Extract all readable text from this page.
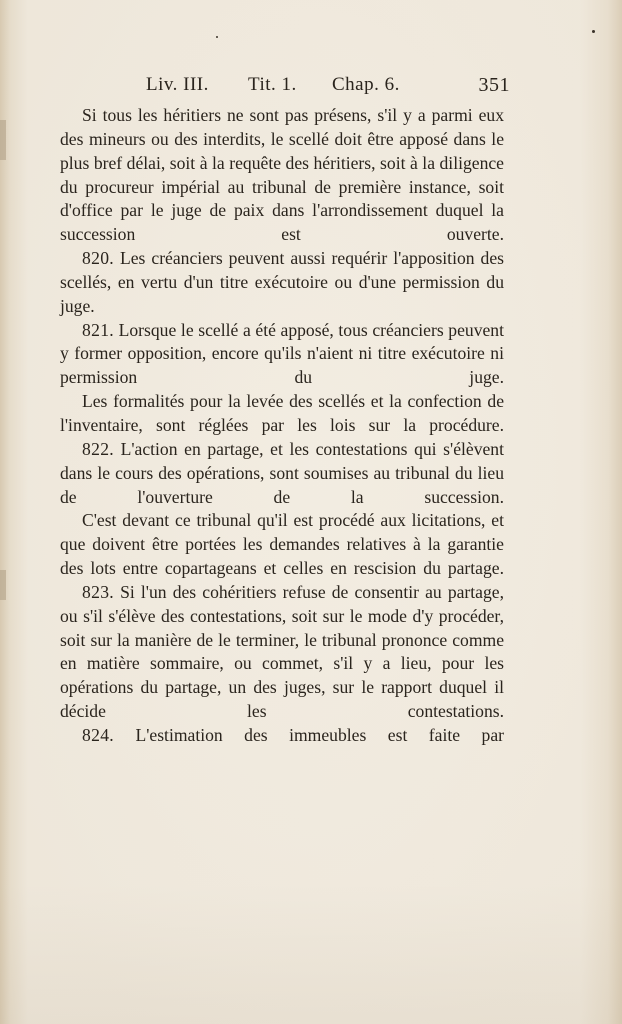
Liv. III. Tit. 1. Chap. 6.	351

Si tous les héritiers ne sont pas présens, s'il y a parmi eux des mineurs ou des interdits, le scellé doit être apposé dans le plus bref délai, soit à la requête des héritiers, soit à la diligence du procureur impérial au tribunal de première instance, soit d'office par le juge de paix dans l'arrondissement duquel la succession est ouverte.

820. Les créanciers peuvent aussi requérir l'apposition des scellés, en vertu d'un titre exécutoire ou d'une permission du juge.

821. Lorsque le scellé a été apposé, tous créanciers peuvent y former opposition, encore qu'ils n'aient ni titre exécutoire ni permission du juge.

Les formalités pour la levée des scellés et la confection de l'inventaire, sont réglées par les lois sur la procédure.

822. L'action en partage, et les contestations qui s'élèvent dans le cours des opérations, sont soumises au tribunal du lieu de l'ouverture de la succession.

C'est devant ce tribunal qu'il est procédé aux licitations, et que doivent être portées les demandes relatives à la garantie des lots entre copartageans et celles en rescision du partage.

823. Si l'un des cohéritiers refuse de consentir au partage, ou s'il s'élève des contestations, soit sur le mode d'y procéder, soit sur la manière de le terminer, le tribunal prononce comme en matière sommaire, ou commet, s'il y a lieu, pour les opérations du partage, un des juges, sur le rapport duquel il décide les contestations.

824. L'estimation des immeubles est faite par
